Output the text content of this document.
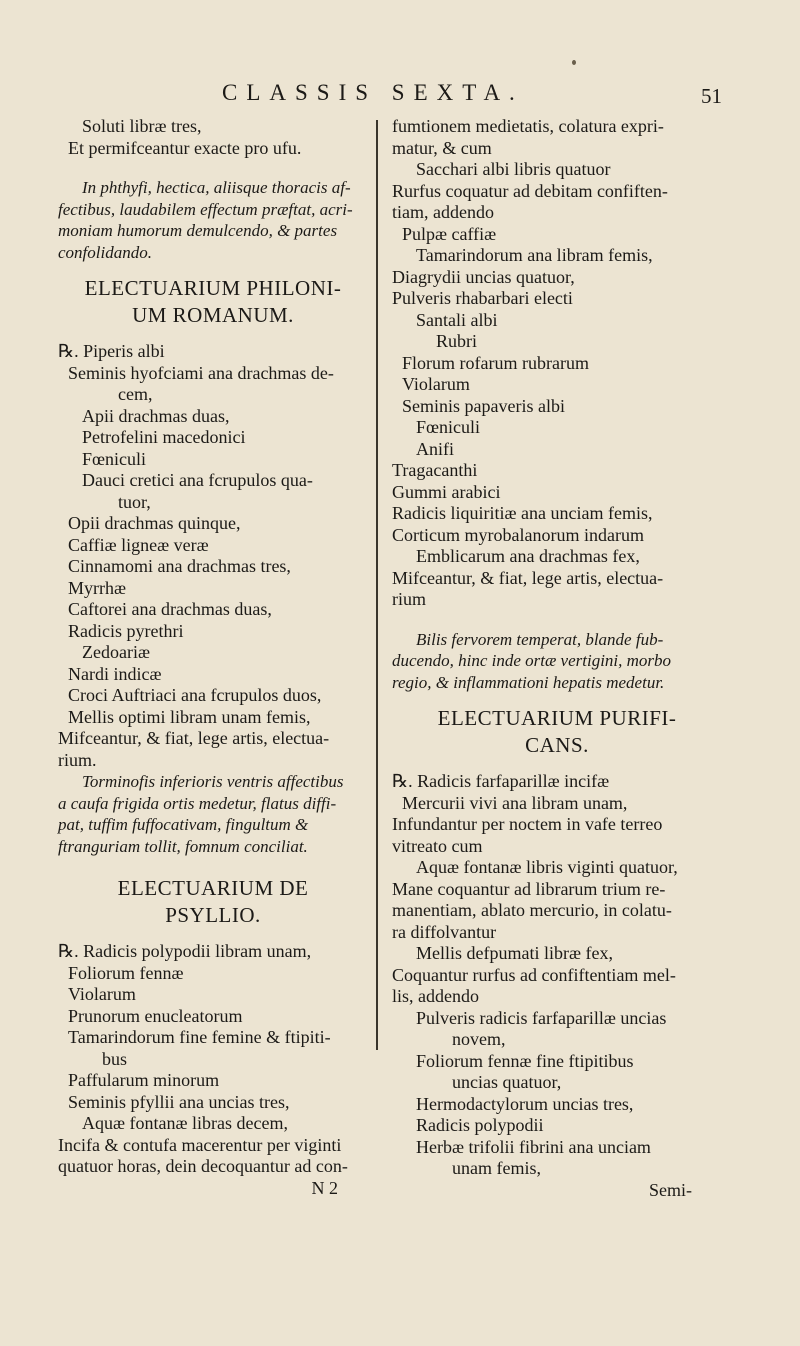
CLASSIS SEXTA.	51
Soluti libræ tres,
Et permifceantur exacte pro ufu.
In phthyfi, hectica, aliisque thoracis af-
fectibus, laudabilem effectum præftat, acri-
moniam humorum demulcendo, & partes
confolidando.
ELECTUARIUM PHILONI-
UM ROMANUM.
℞. Piperis albi
Seminis hyofciami ana drachmas de-
cem,
Apii drachmas duas,
Petrofelini macedonici
Fœniculi
Dauci cretici ana fcrupulos qua-
tuor,
Opii drachmas quinque,
Caffiæ ligneæ veræ
Cinnamomi ana drachmas tres,
Myrrhæ
Caftorei ana drachmas duas,
Radicis pyrethri
Zedoariæ
Nardi indicæ
Croci Auftriaci ana fcrupulos duos,
Mellis optimi libram unam femis,
Mifceantur, & fiat, lege artis, electua-
rium.
Torminofis inferioris ventris affectibus
a caufa frigida ortis medetur, flatus diffi-
pat, tuffim fuffocativam, fingultum &
ftranguriam tollit, fomnum conciliat.
ELECTUARIUM DE
PSYLLIO.
℞. Radicis polypodii libram unam,
Foliorum fennæ
Violarum
Prunorum enucleatorum
Tamarindorum fine femine & ftipiti-
bus
Paffularum minorum
Seminis pfyllii ana uncias tres,
Aquæ fontanæ libras decem,
Incifa & contufa macerentur per viginti
quatuor horas, dein decoquantur ad con-
N 2
fumtionem medietatis, colatura expri-
matur, & cum
Sacchari albi libris quatuor
Rurfus coquatur ad debitam confiften-
tiam, addendo
Pulpæ caffiæ
Tamarindorum ana libram femis,
Diagrydii uncias quatuor,
Pulveris rhabarbari electi
Santali albi
Rubri
Florum rofarum rubrarum
Violarum
Seminis papaveris albi
Fœniculi
Anifi
Tragacanthi
Gummi arabici
Radicis liquiritiæ ana unciam femis,
Corticum myrobalanorum indarum
Emblicarum ana drachmas fex,
Mifceantur, & fiat, lege artis, electua-
rium
Bilis fervorem temperat, blande fub-
ducendo, hinc inde ortæ vertigini, morbo
regio, & inflammationi hepatis medetur.
ELECTUARIUM PURIFI-
CANS.
℞. Radicis farfaparillæ incifæ
Mercurii vivi ana libram unam,
Infundantur per noctem in vafe terreo
vitreato cum
Aquæ fontanæ libris viginti quatuor,
Mane coquantur ad librarum trium re-
manentiam, ablato mercurio, in colatu-
ra diffolvantur
Mellis defpumati libræ fex,
Coquantur rurfus ad confiftentiam mel-
lis, addendo
Pulveris radicis farfaparillæ uncias
novem,
Foliorum fennæ fine ftipitibus
uncias quatuor,
Hermodactylorum uncias tres,
Radicis polypodii
Herbæ trifolii fibrini ana unciam
unam femis,
Semi-
